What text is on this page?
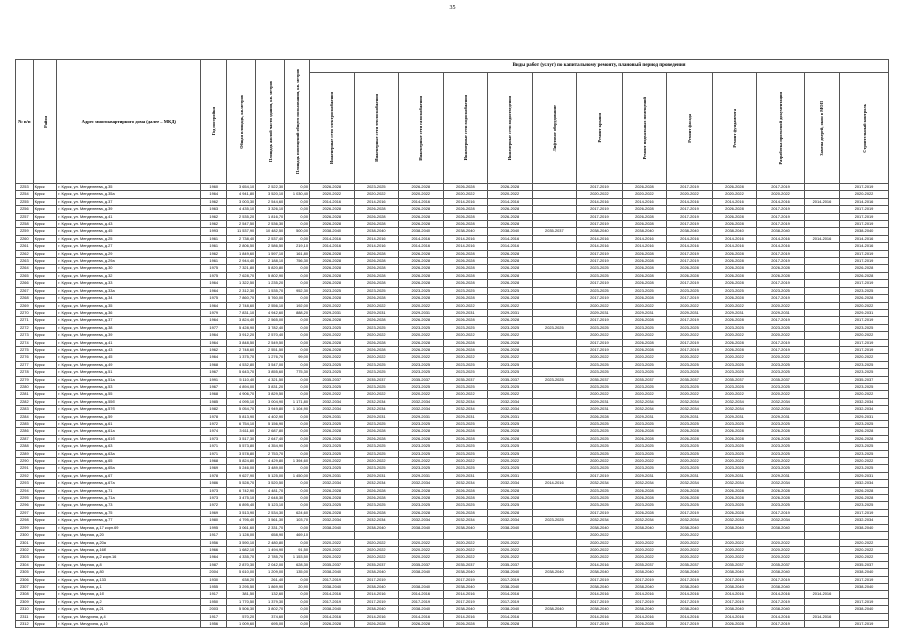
35
№ п/п	Район	Адрес многоквартирного дома (далее – МКД)	Год постройки	Общая площадь, кв.метров	Площадь жилой части здания, кв. метров	Площадь помещений общего пользования, кв. метров	Виды работ (услуг) по капитальному ремонту, плановый период проведения												

							Инженерные сети электроснабжения	Инженерные сети теплоснабжения	Инженерные сети газоснабжения	Инженерные сети водоснабжения	Инженерные сети водоотведения	Лифтовое оборудование	Ремонт крыши	Ремонт подвальных помещений	Ремонт фасада	Ремонт фундамента	Разработка проектной документации	Замена дверей, окон в МОП	Строительный контроль

2253	Курск	г. Курск, ул. Менделеева, д.35	1960	3 654,10	2 522,30	0,00	2026-2028	2023-2025	2026-2028	2026-2028	2026-2028		2017-2019	2026-2028	2017-2019	2026-2028	2017-2019		2017-2019
2254	Курск	г. Курск, ул. Менделеева, д.35а	1964	4 941,80	3 520,10	1 030,40	2020-2022	2020-2022	2020-2022	2020-2022	2020-2022		2020-2022	2020-2022	2020-2022	2020-2022	2020-2022		2020-2022
2255	Курск	г. Курск, ул. Менделеева, д.37	1962	3 003,30	2 544,60	0,00	2014-2016	2014-2016	2014-2016	2014-2016	2014-2016		2014-2016	2014-2016	2014-2016	2014-2016	2014-2016	2014-2016	2014-2016
2256	Курск	г. Курск, ул. Менделеева, д.39	1963	4 435,10	3 326,10	0,00	2026-2028	2026-2028	2026-2028	2026-2028	2026-2028		2017-2019	2026-2028	2017-2019	2026-2028	2017-2019		2017-2019
2257	Курск	г. Курск, ул. Менделеева, д.41	1962	2 535,20	1 816,70	0,00	2026-2028	2026-2028	2026-2028	2026-2028	2026-2028		2017-2019	2026-2028	2017-2019	2026-2028	2017-2019		2017-2019
2258	Курск	г. Курск, ул. Менделеева, д.43	1962	2 547,50	2 536,30	0,00	2026-2028	2026-2028	2026-2028	2026-2028	2026-2028		2017-2019	2026-2028	2017-2019	2026-2028	2017-2019		2017-2019
2259	Курск	г. Курск, ул. Менделеева, д.45	1993	11 537,90	10 482,50	500,00	2038-2040	2038-2040	2038-2040	2038-2040	2038-2040	2035-2037	2038-2040	2038-2040	2038-2040	2038-2040	2038-2040		2038-2040
2260	Курск	г. Курск, ул. Менделеева, д.25	1961	2 738,40	2 537,40	0,00	2014-2016	2014-2016	2014-2016	2014-2016	2014-2016		2014-2016	2014-2016	2014-2016	2014-2016	2014-2016	2014-2016	2014-2016
2261	Курск	г. Курск, ул. Менделеева, д.27	1961	2 806,50	2 586,50	219,10	2014-2016	2014-2016	2014-2016	2014-2016	2014-2016		2014-2016	2014-2016	2014-2016	2014-2016	2014-2016		2014-2016
2262	Курск	г. Курск, ул. Менделеева, д.29	1962	1 849,60	1 597,10	161,80	2026-2028	2026-2028	2026-2028	2026-2028	2026-2028		2017-2019	2026-2028	2017-2019	2026-2028	2017-2019		2017-2019
2263	Курск	г. Курск, ул. Менделеева, д.29а	1961	2 944,40	2 188,10	756,30	2026-2028	2026-2028	2026-2028	2026-2028	2026-2028		2017-2019	2026-2028	2017-2019	2026-2028	2017-2019		2017-2019
2264	Курск	г. Курск, ул. Менделеева, д.30	1975	7 321,80	5 820,80	0,00	2026-2028	2026-2028	2026-2028	2026-2028	2026-2028		2023-2025	2026-2028	2026-2028	2026-2028	2026-2028		2026-2028
2265	Курск	г. Курск, ул. Менделеева, д.32	1975	7 628,70	5 802,90	0,00	2026-2028	2026-2028	2026-2028	2026-2028	2026-2028		2023-2025	2026-2028	2026-2028	2026-2028	2026-2028		2026-2028
2266	Курск	г. Курск, ул. Менделеева, д.33	1964	1 322,50	1 235,20	0,00	2026-2028	2026-2028	2026-2028	2026-2028	2026-2028		2017-2019	2026-2028	2017-2019	2026-2028	2017-2019		2017-2019
2267	Курск	г. Курск, ул. Менделеева, д.33а	1964	2 312,30	1 535,70	952,30	2023-2025	2023-2025	2023-2025	2023-2025	2023-2025		2023-2025	2023-2025	2023-2025	2023-2025	2023-2025		2023-2025
2268	Курск	г. Курск, ул. Менделеева, д.34	1975	7 860,70	5 760,00	0,00	2026-2028	2026-2028	2026-2028	2026-2028	2026-2028		2017-2019	2026-2028	2017-2019	2026-2028	2017-2019		2026-2028
2269	Курск	г. Курск, ул. Менделеева, д.35	1964	2 748,60	2 556,10	192,00	2020-2022	2020-2022	2020-2022	2020-2022	2020-2022		2020-2022	2020-2022	2020-2022	2020-2022	2020-2022		2020-2022
2270	Курск	г. Курск, ул. Менделеева, д.36	1979	7 831,10	4 942,60	888,20	2029-2031	2029-2031	2029-2031	2029-2031	2029-2031		2029-2031	2029-2031	2029-2031	2029-2031	2029-2031		2029-2031
2271	Курск	г. Курск, ул. Менделеева, д.37	1964	3 824,40	2 565,00	0,00	2026-2028	2026-2028	2026-2028	2026-2028	2026-2028		2017-2019	2026-2028	2017-2019	2026-2028	2017-2019		2017-2019
2272	Курск	г. Курск, ул. Менделеева, д.38	1977	5 428,90	3 782,40	0,00	2023-2025	2023-2025	2023-2025	2023-2025	2023-2025	2023-2025	2023-2025	2023-2025	2023-2025	2023-2025	2023-2025		2023-2025
2273	Курск	г. Курск, ул. Менделеева, д.39	1964	3 912,20	2 570,40	0,00	2020-2022	2020-2022	2020-2022	2020-2022	2020-2022		2020-2022	2020-2022	2020-2022	2020-2022	2020-2022		2020-2022
2274	Курск	г. Курск, ул. Менделеева, д.41	1964	3 848,50	2 549,50	0,00	2026-2028	2026-2028	2026-2028	2026-2028	2026-2028		2017-2019	2026-2028	2017-2019	2026-2028	2017-2019		2017-2019
2275	Курск	г. Курск, ул. Менделеева, д.43	1962	2 748,60	2 551,50	0,00	2026-2028	2026-2028	2026-2028	2026-2028	2026-2028		2017-2019	2026-2028	2017-2019	2026-2028	2017-2019		2017-2019
2276	Курск	г. Курск, ул. Менделеева, д.45	1964	1 375,70	1 276,70	99,00	2020-2022	2020-2022	2020-2022	2020-2022	2020-2022		2020-2022	2020-2022	2020-2022	2020-2022	2020-2022		2020-2022
2277	Курск	г. Курск, ул. Менделеева, д.49	1968	4 532,80	3 547,00	0,00	2023-2025	2023-2025	2023-2025	2023-2025	2023-2025		2023-2025	2023-2025	2023-2025	2023-2025	2023-2025		2023-2025
2278	Курск	г. Курск, ул. Менделеева, д.51	1967	5 643,70	3 855,60	775,30	2023-2025	2023-2025	2023-2025	2023-2025	2023-2025		2023-2025	2023-2025	2023-2025	2023-2025	2023-2025		2023-2025
2279	Курск	г. Курск, ул. Менделеева, д.51а	1991	5 110,40	4 321,50	0,00	2035-2037	2035-2037	2035-2037	2035-2037	2035-2037	2023-2025	2035-2037	2035-2037	2035-2037	2035-2037	2035-2037		2035-2037
2280	Курск	г. Курск, ул. Менделеева, д.53	1967	4 894,00	3 831,20	0,00	2023-2025	2023-2025	2023-2025	2023-2025	2023-2025		2023-2025	2023-2025	2023-2025	2023-2025	2023-2025		2023-2025
2281	Курск	г. Курск, ул. Менделеева, д.55	1968	4 906,70	3 829,50	0,00	2020-2022	2020-2022	2020-2022	2020-2022	2020-2022		2020-2022	2020-2022	2020-2022	2020-2022	2020-2022		2020-2022
2282	Курск	г. Курск, ул. Менделеева, д.55б	1985	4 095,10	3 004,90	1 171,80	2032-2034	2032-2034	2032-2034	2032-2034	2032-2034		2029-2031	2032-2034	2032-2034	2032-2034	2032-2034		2032-2034
2283	Курск	г. Курск, ул. Менделеева, д.57б	1982	5 054,70	3 949,80	1 104,90	2032-2034	2032-2034	2032-2034	2032-2034	2032-2034		2029-2031	2032-2034	2032-2034	2032-2034	2032-2034		2032-2034
2284	Курск	г. Курск, ул. Менделеева, д.59	1978	5 813,90	4 402,90	0,00	2029-2031	2029-2031	2029-2031	2029-2031	2029-2031		2026-2028	2029-2031	2029-2031	2029-2031	2029-2031		2029-2031
2285	Курск	г. Курск, ул. Менделеева, д.61	1972	6 754,10	5 156,90	0,00	2023-2025	2023-2025	2023-2025	2023-2025	2023-2025		2023-2025	2023-2025	2023-2025	2023-2025	2023-2025		2023-2025
2286	Курск	г. Курск, ул. Менделеева, д.61а	1974	3 611,60	2 687,80	0,00	2026-2028	2026-2028	2026-2028	2026-2028	2026-2028		2023-2025	2026-2028	2026-2028	2026-2028	2026-2028		2026-2028
2287	Курск	г. Курск, ул. Менделеева, д.61б	1973	3 517,30	2 647,40	0,00	2026-2028	2026-2028	2026-2028	2026-2028	2026-2028		2023-2025	2026-2028	2026-2028	2026-2028	2026-2028		2026-2028
2288	Курск	г. Курск, ул. Менделеева, д.63	1971	5 573,80	4 354,90	0,00	2023-2025	2023-2025	2023-2025	2023-2025	2023-2025		2023-2025	2023-2025	2023-2025	2023-2025	2023-2025		2023-2025
2289	Курск	г. Курск, ул. Менделеева, д.63а	1971	3 578,80	2 753,70	0,00	2023-2025	2023-2025	2023-2025	2023-2025	2023-2025		2023-2025	2023-2025	2023-2025	2023-2025	2023-2025		2023-2025
2290	Курск	г. Курск, ул. Менделеева, д.65	1968	5 824,80	4 429,80	1 394,60	2020-2022	2020-2022	2020-2022	2020-2022	2020-2022		2020-2022	2020-2022	2020-2022	2020-2022	2020-2022		2020-2022
2291	Курск	г. Курск, ул. Менделеева, д.65а	1969	5 246,00	3 489,00	0,00	2023-2025	2023-2025	2023-2025	2023-2025	2023-2025		2023-2025	2023-2025	2023-2025	2023-2025	2023-2025		2023-2025
2292	Курск	г. Курск, ул. Менделеева, д.67	1978	9 627,90	5 125,00	1 450,00	2029-2031	2029-2031	2029-2031	2029-2031	2029-2031		2017-2019	2029-2031	2029-2031	2029-2031	2029-2031		2029-2031
2293	Курск	г. Курск, ул. Менделеева, д.67а	1986	5 528,70	3 520,50	0,00	2032-2034	2032-2034	2032-2034	2032-2034	2032-2034	2014-2016	2032-2034	2032-2034	2032-2034	2032-2034	2032-2034		2032-2034
2294	Курск	г. Курск, ул. Менделеева, д.71	1973	6 742,90	4 481,70	0,00	2026-2028	2026-2028	2026-2028	2026-2028	2026-2028		2023-2025	2026-2028	2026-2028	2026-2028	2026-2028		2026-2028
2295	Курск	г. Курск, ул. Менделеева, д.71а	1973	3 475,10	2 648,30	0,00	2026-2028	2026-2028	2026-2028	2026-2028	2026-2028		2023-2025	2026-2028	2026-2028	2026-2028	2026-2028		2026-2028
2296	Курск	г. Курск, ул. Менделеева, д.73	1972	6 895,40	5 123,10	0,00	2023-2025	2023-2025	2023-2025	2023-2025	2023-2025		2023-2025	2023-2025	2023-2025	2023-2025	2023-2025		2023-2025
2297	Курск	г. Курск, ул. Менделеева, д.75	1969	3 513,90	2 534,30	624,60	2026-2028	2026-2028	2026-2028	2026-2028	2026-2028		2017-2019	2026-2028	2017-2019	2026-2028	2017-2019		2017-2019
2298	Курск	г. Курск, ул. Менделеева, д.77	1980	4 795,40	3 561,30	103,70	2032-2034	2032-2034	2032-2034	2032-2034	2032-2034	2023-2025	2032-2034	2032-2034	2032-2034	2032-2034	2032-2034		2032-2034
2299	Курск	г. Курск, ул. Мирная, д.17 корп.69	1995	3 061,60	2 331,70	0,00	2038-2040	2038-2040	2038-2040	2038-2040	2038-2040		2038-2040	2038-2040	2038-2040	2038-2040	2038-2040		2038-2040
2300	Курск	г. Курск, ул. Мирная, д.20	1917	1 128,00	658,90	469,10							2020-2022		2020-2022				
2301	Курск	г. Курск, ул. Мирная, д.20а	1956	3 590,10	2 480,80	0,00	2020-2022	2020-2022	2020-2022	2020-2022	2020-2022		2020-2022	2020-2022	2020-2022	2020-2022	2020-2022		2020-2022
2302	Курск	г. Курск, ул. Мирная, д.16б	1966	1 682,10	1 494,90	91,50	2020-2022	2020-2022	2020-2022	2020-2022	2020-2022		2020-2022	2020-2022	2020-2022	2020-2022	2020-2022		2020-2022
2303	Курск	г. Курск, ул. Мирная, д.2 корп.16	1964	4 335,70	2 785,70	1 153,50	2020-2022	2020-2022	2020-2022	2020-2022	2020-2022		2020-2022	2020-2022	2020-2022	2020-2022	2020-2022		2020-2022
2304	Курск	г. Курск, ул. Мирная, д.8	1987	2 870,30	2 042,00	628,30	2035-2037	2035-2037	2035-2037	2035-2037	2035-2037		2014-2016	2035-2037	2035-2037	2035-2037	2035-2037		2035-2037
2305	Курск	г. Курск, ул. Мирная, д.80	2004	5 610,00	1 209,00	135,00	2038-2040	2038-2040	2038-2040	2038-2040	2038-2040	2038-2040	2038-2040	2038-2040	2038-2040	2038-2040	2038-2040		2038-2040
2306	Курск	г. Курск, ул. Мирная, д.133	1930	638,20	261,40	0,00	2017-2019	2017-2019		2017-2019	2017-2019		2017-2019	2017-2019	2017-2019	2017-2019	2017-2019		2017-2019
2307	Курск	г. Курск, ул. Мирная, д.1	1955	3 295,50	1 869,90	20,90	2038-2040	2038-2040	2038-2040	2038-2040	2038-2040		2038-2040	2038-2040	2038-2040	2038-2040	2038-2040		2038-2040
2308	Курск	г. Курск, ул. Мирная, д.1б	1917	381,50	132,60	0,00	2014-2016	2014-2016	2014-2016	2014-2016	2014-2016		2014-2016	2014-2016	2014-2016	2014-2016	2014-2016	2014-2016	
2309	Курск	г. Курск, ул. Мирная, д.2	1950	1 770,50	1 379,30	0,00	2017-2019	2017-2019	2017-2019	2017-2019	2017-2019		2017-2019	2017-2019	2017-2019	2017-2019	2017-2019		2017-2019
2310	Курск	г. Курск, ул. Мирная, д.21	2003	5 506,30	3 802,70	0,00	2038-2040	2038-2040	2038-2040	2038-2040	2038-2040	2038-2040	2038-2040	2038-2040	2038-2040	2038-2040	2038-2040		2038-2040
2311	Курск	г. Курск, ул. Мичурина, д.4	1917	570,20	374,60	0,00	2014-2016	2014-2016	2014-2016	2014-2016	2014-2016		2014-2016	2014-2016	2014-2016	2014-2016	2014-2016	2014-2016	
2312	Курск	г. Курск, ул. Мичурина, д.10	1956	1 009,60	695,00	0,00	2026-2028	2026-2028	2026-2028	2026-2028	2026-2028		2017-2019	2026-2028	2017-2019	2026-2028	2017-2019		2017-2019
